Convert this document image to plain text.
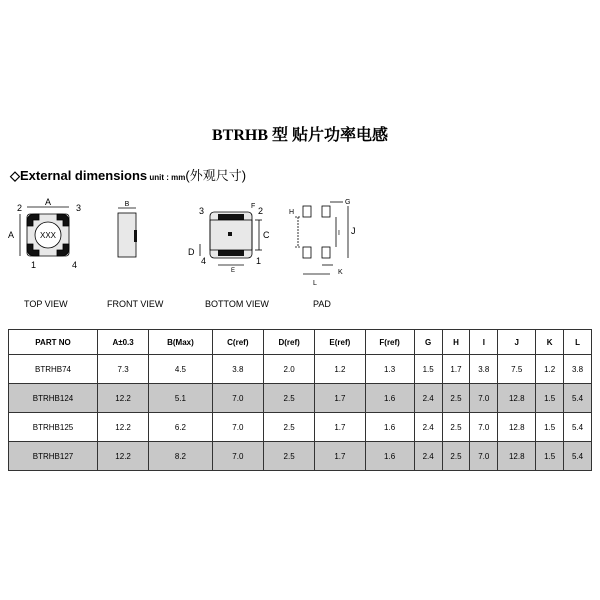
BTRHB 型 贴片功率电感
◇External dimensions unit : mm(外观尺寸)
XXX
A
A
2	3
1	4
B	F
C
D
E
3	2
4	1
G
H
I J
K
L
TOP VIEW	FRONT VIEW	BOTTOM VIEW	PAD
PART NO	A±0.3	B(Max)	C(ref)	D(ref)	E(ref)	F(ref)	G	H	I	J	K	L
BTRHB74	7.3	4.5	3.8	2.0	1.2	1.3	1.5	1.7	3.8	7.5	1.2	3.8
BTRHB124	12.2	5.1	7.0	2.5	1.7	1.6	2.4	2.5	7.0	12.8	1.5	5.4
BTRHB125	12.2	6.2	7.0	2.5	1.7	1.6	2.4	2.5	7.0	12.8	1.5	5.4
BTRHB127	12.2	8.2	7.0	2.5	1.7	1.6	2.4	2.5	7.0	12.8	1.5	5.4
